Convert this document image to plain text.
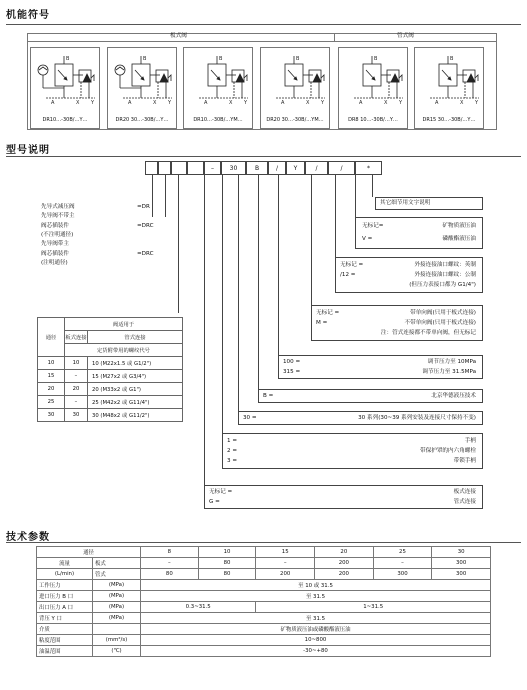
机能符号
板式阀	管式阀
B
A	X Y
DR10…-30B/…Y…
B
A	X Y
DR20 30…-30B/…Y…
B
A	X Y
DR10…-30B/…YM…
B
A	X Y
DR20 30…-30B/…YM…
B
A	X Y
DR8 10…-30B/…Y…
B
A	X Y
DR15 30…-30B/…Y…
型号说明
–	30	B	/	Y	/	/	*
先导式减压阀	=DR
先导阀不带主
阀芯插装件	=DRC
(不注明通径)
先导阀带主
阀芯插装件	=DRC
(注明通径)
其它细节用文字说明
无标记=	矿物质液压油
V =	磷酸酯液压油
无标记 =	外接连接油口螺纹：英制
/12 =	外接连接油口螺纹：公制
(但压力表接口都为 G1/4")
无标记 =	带单向阀(只用于板式连接)
M =	不带单向阀(只用于板式连接)
注：管式连接都不带单向阀，但无标记
100 =	调节压力至 10MPa
315 =	调节压力至 31.5MPa
B =	北京华德液压技术
30 =	30 系列(30~39 系列安装及连接尺寸保持不变)
1 =	手柄
2 =	带保护罩的内六角螺栓
3 =	带锁手柄
无标记 =	板式连接
G =	管式连接
通径	阀适用于	
	板式连接	管式连接
	定货附带用的螺纹代号	
10	10	10 (M22x1.5 或 G1/2")
15	–	15 (M27x2 或 G3/4")
20	20	20 (M33x2 或 G1")
25	–	25 (M42x2 或 G11/4")
30	30	30 (M48x2 或 G11/2")
技术参数
通径		8	10	15	20	25	30
流量	板式	–	80	–	200	–	300
(L/min)	管式	80	80	200	200	300	300
工作压力	(MPa)	至 10 或 31.5					
进口压力 B 口	(MPa)	至 31.5					
出口压力 A 口	(MPa)	0.3~31.5		1~31.5			
背压 Y 口	(MPa)	至 31.5					
介质		矿物质液压油或磷酸酯液压油					
粘度范围	(mm²/s)	10~800					
油温范围	(℃)	-30~+80					
